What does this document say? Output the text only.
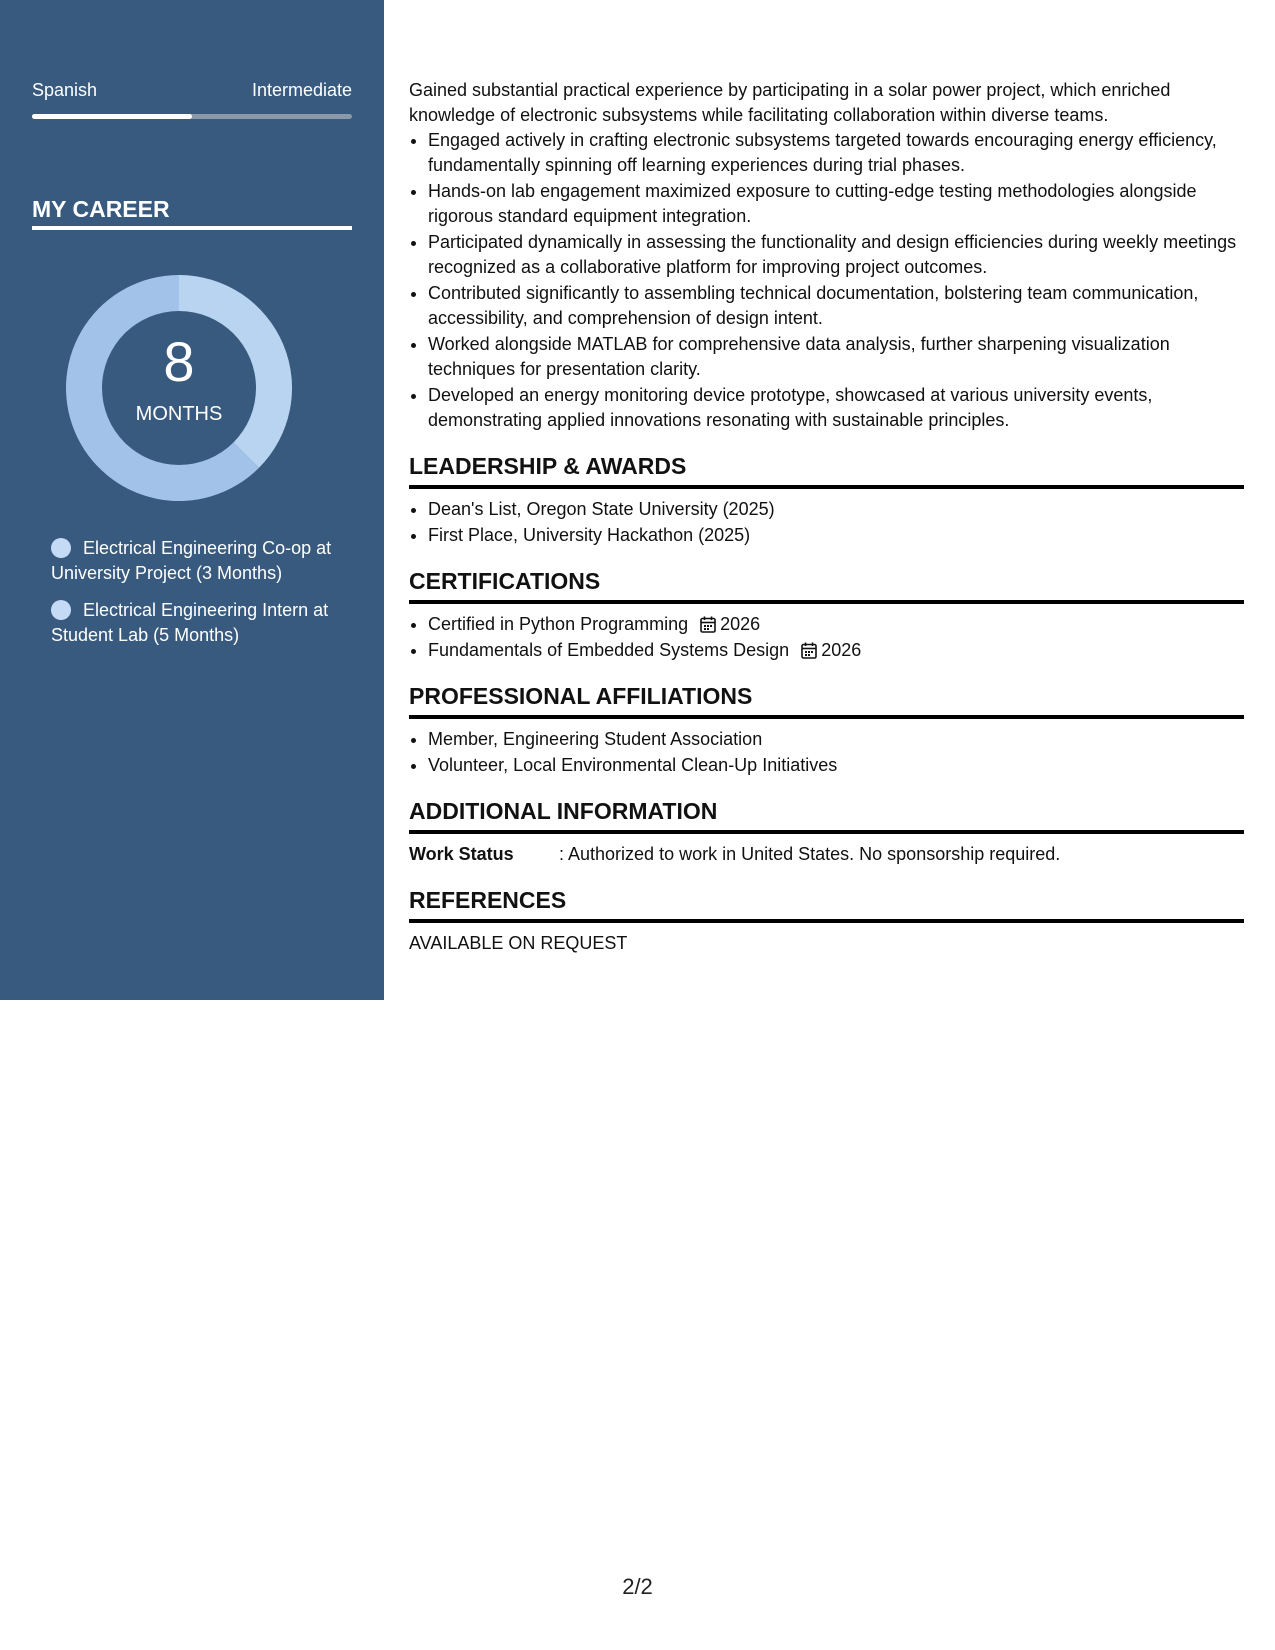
Spanish	Intermediate
MY CAREER
8
MONTHS
Electrical Engineering Co-op at University Project (3 Months)
Electrical Engineering Intern at Student Lab (5 Months)

Gained substantial practical experience by participating in a solar power project, which enriched knowledge of electronic subsystems while facilitating collaboration within diverse teams.

• Engaged actively in crafting electronic subsystems targeted towards encouraging energy efficiency, fundamentally spinning off learning experiences during trial phases.
• Hands-on lab engagement maximized exposure to cutting-edge testing methodologies alongside rigorous standard equipment integration.
• Participated dynamically in assessing the functionality and design efficiencies during weekly meetings recognized as a collaborative platform for improving project outcomes.
• Contributed significantly to assembling technical documentation, bolstering team communication, accessibility, and comprehension of design intent.
• Worked alongside MATLAB for comprehensive data analysis, further sharpening visualization techniques for presentation clarity.
• Developed an energy monitoring device prototype, showcased at various university events, demonstrating applied innovations resonating with sustainable principles.
LEADERSHIP & AWARDS
• Dean's List, Oregon State University (2025)
• First Place, University Hackathon (2025)
CERTIFICATIONS
• Certified in Python Programming 2026
• Fundamentals of Embedded Systems Design 2026
PROFESSIONAL AFFILIATIONS
• Member, Engineering Student Association
• Volunteer, Local Environmental Clean-Up Initiatives
ADDITIONAL INFORMATION
Work Status	: Authorized to work in United States. No sponsorship required.
REFERENCES
AVAILABLE ON REQUEST
2/2
